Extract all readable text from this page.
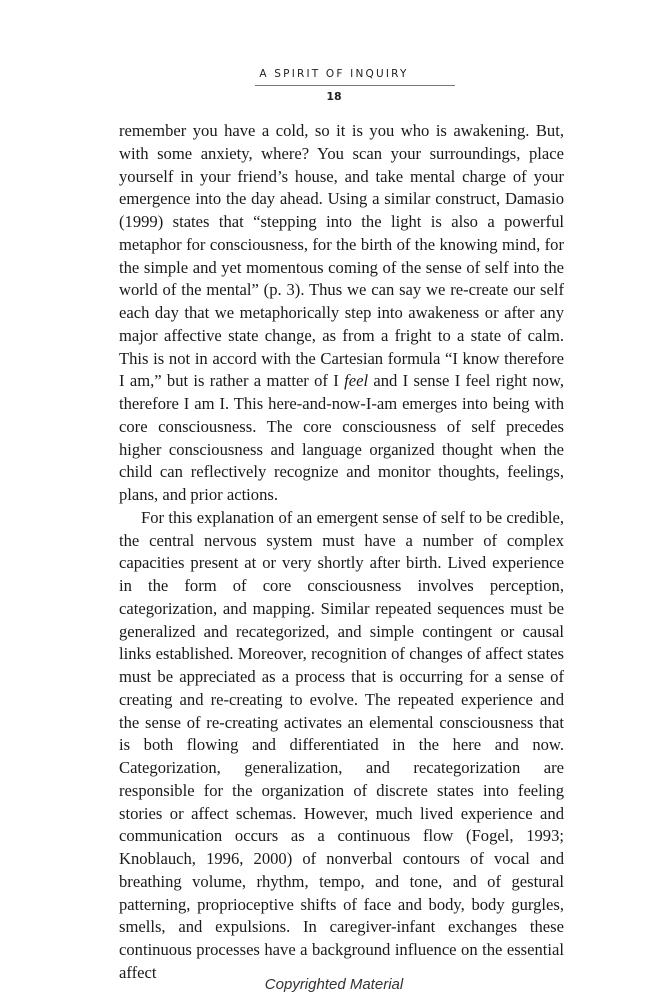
A SPIRIT OF INQUIRY
18

remember you have a cold, so it is you who is awakening. But, with some anxiety, where? You scan your surroundings, place yourself in your friend’s house, and take mental charge of your emergence into the day ahead. Using a similar construct, Damasio (1999) states that “stepping into the light is also a powerful metaphor for consciousness, for the birth of the knowing mind, for the simple and yet momentous coming of the sense of self into the world of the mental” (p. 3). Thus we can say we re-create our self each day that we metaphorically step into awakeness or after any major affective state change, as from a fright to a state of calm. This is not in accord with the Cartesian formula “I know therefore I am,” but is rather a matter of I feel and I sense I feel right now, therefore I am I. This here-and-now-I-am emerges into being with core consciousness. The core consciousness of self precedes higher consciousness and language organized thought when the child can reflectively recognize and monitor thoughts, feelings, plans, and prior actions.

For this explanation of an emergent sense of self to be credible, the central nervous system must have a number of complex capacities present at or very shortly after birth. Lived experience in the form of core consciousness involves perception, categorization, and mapping. Similar repeated sequences must be generalized and recategorized, and simple contingent or causal links established. Moreover, recognition of changes of affect states must be appreciated as a process that is occurring for a sense of creating and re-creating to evolve. The repeated experience and the sense of re-creating activates an elemental consciousness that is both flowing and differentiated in the here and now. Categorization, generalization, and recategorization are responsible for the organization of discrete states into feeling stories or affect schemas. However, much lived experience and communication occurs as a continuous flow (Fogel, 1993; Knoblauch, 1996, 2000) of nonverbal contours of vocal and breathing volume, rhythm, tempo, and tone, and of gestural patterning, proprioceptive shifts of face and body, body gurgles, smells, and expulsions. In caregiver-infant exchanges these continuous processes have a background influence on the essential affect

Copyrighted Material
